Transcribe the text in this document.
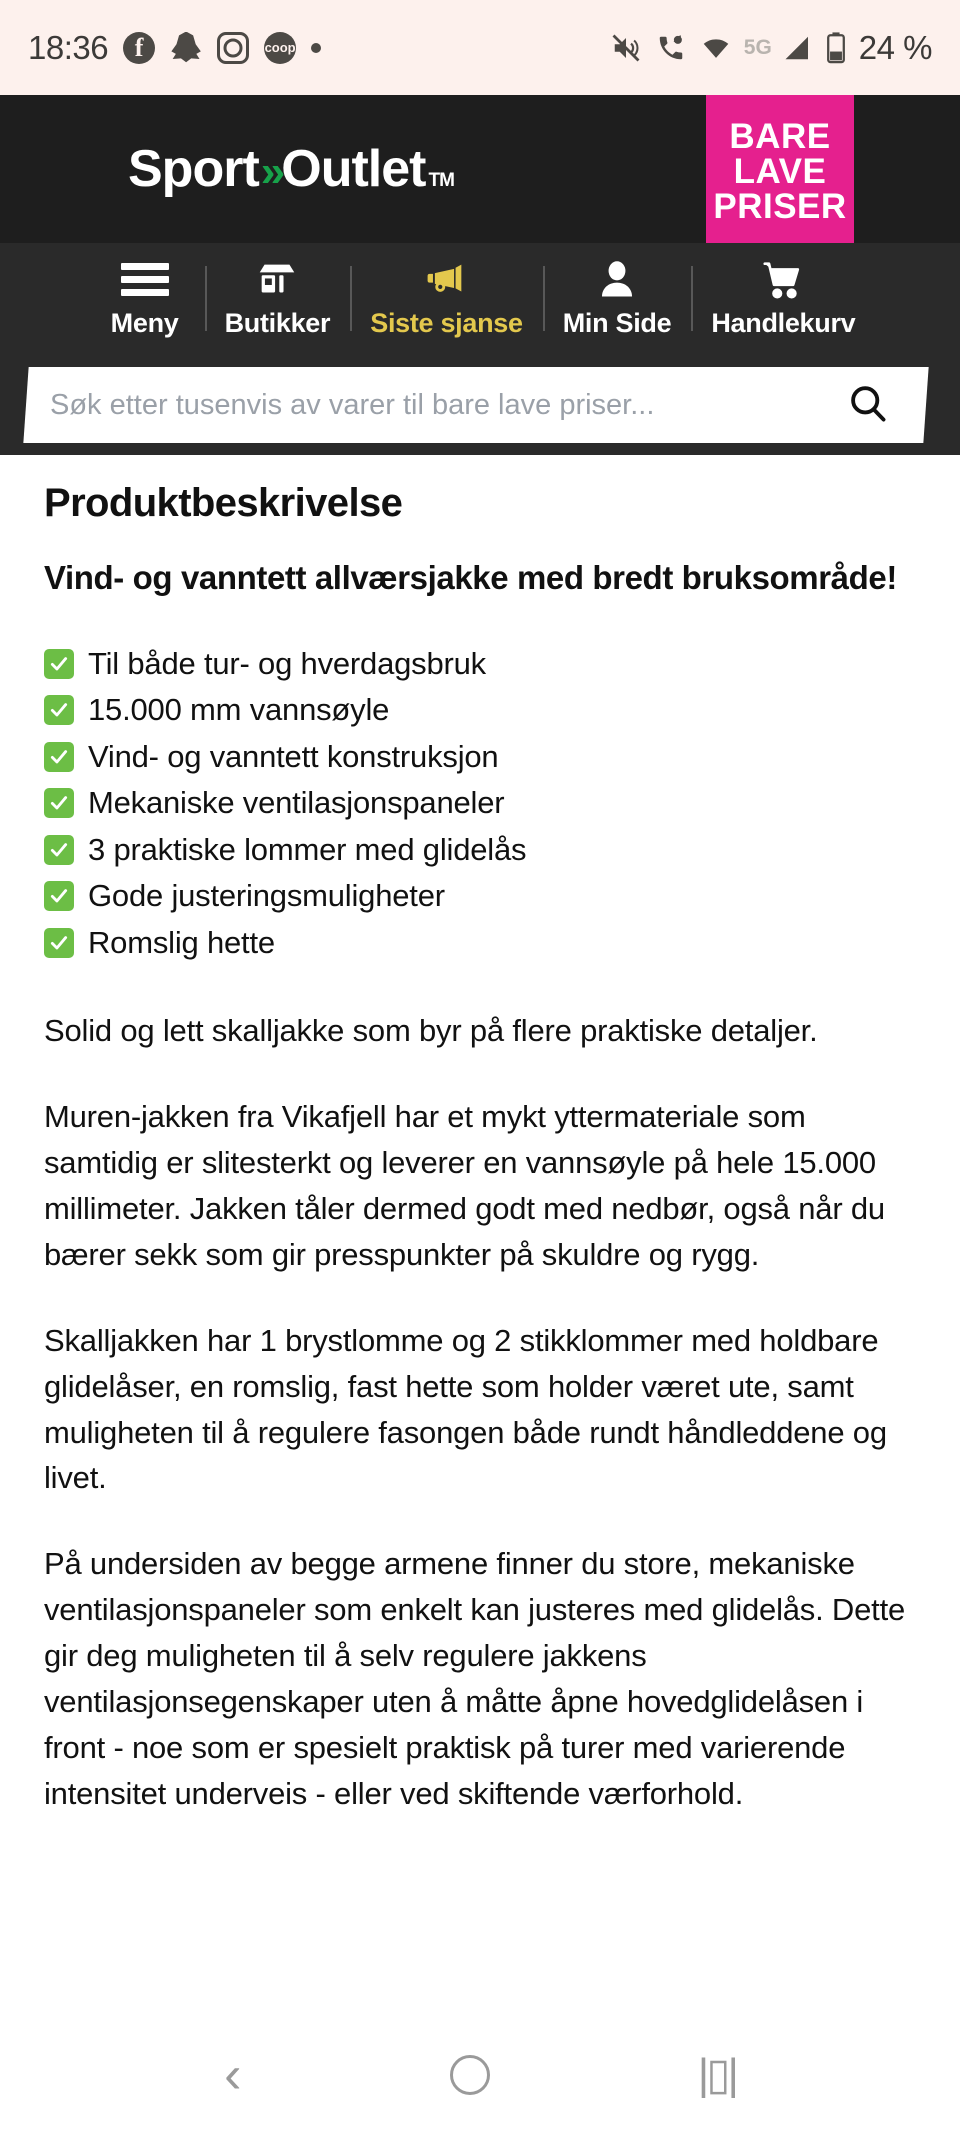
18:36	f	coop	5G	24 %
Sport » Outlet TM
BARE
LAVE
PRISER
Meny Butikker Siste sjanse Min Side Handlekurv
Søk etter tusenvis av varer til bare lave priser...
Produktbeskrivelse
Vind- og vanntett allværsjakke med bredt bruksområde!
Til både tur- og hverdagsbruk
15.000 mm vannsøyle
Vind- og vanntett konstruksjon
Mekaniske ventilasjonspaneler
3 praktiske lommer med glidelås
Gode justeringsmuligheter
Romslig hette

Solid og lett skalljakke som byr på flere praktiske detaljer.

Muren-jakken fra Vikafjell har et mykt yttermateriale som samtidig er slitesterkt og leverer en vannsøyle på hele 15.000 millimeter. Jakken tåler dermed godt med nedbør, også når du bærer sekk som gir presspunkter på skuldre og rygg.

Skalljakken har 1 brystlomme og 2 stikklommer med holdbare glidelåser, en romslig, fast hette som holder været ute, samt muligheten til å regulere fasongen både rundt håndleddene og livet.

På undersiden av begge armene finner du store, mekaniske ventilasjonspaneler som enkelt kan justeres med glidelås. Dette gir deg muligheten til å selv regulere jakkens ventilasjonsegenskaper uten å måtte åpne hovedglidelåsen i front - noe som er spesielt praktisk på turer med varierende intensitet underveis - eller ved skiftende værforhold.

‹	|▯|
